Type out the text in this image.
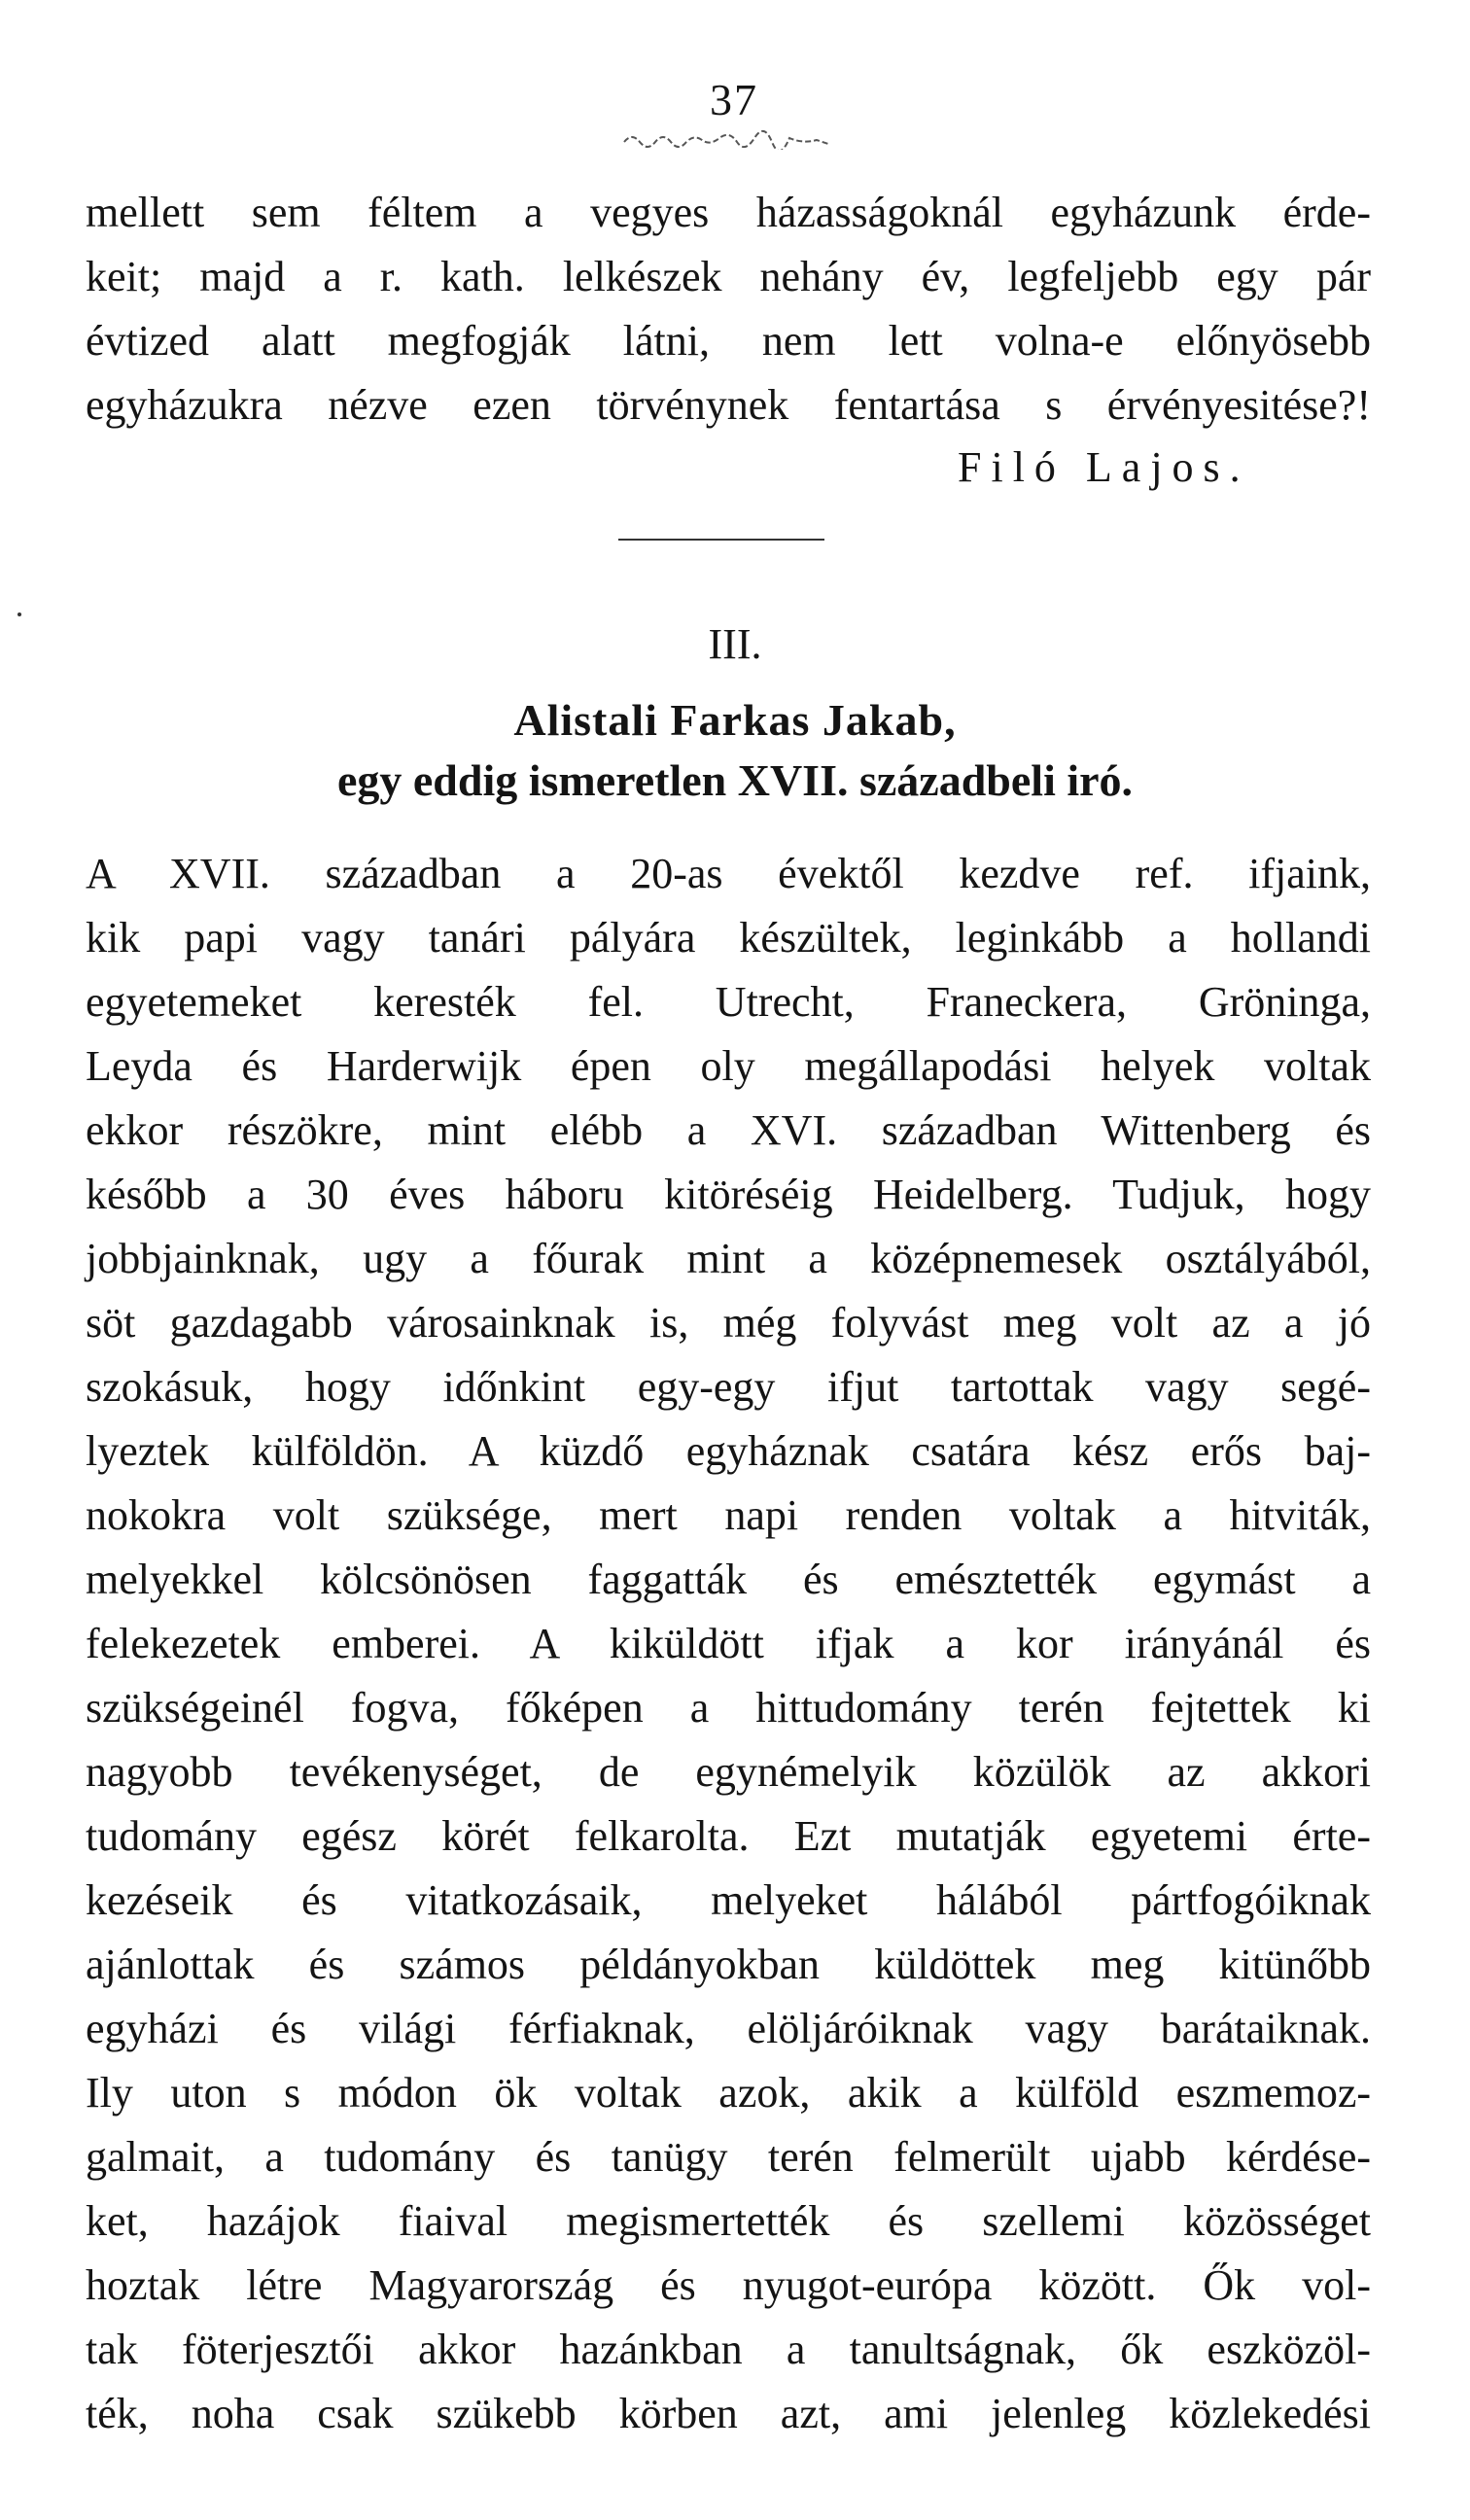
37
mellett sem féltem a vegyes házasságoknál egyházunk érde-
keit; majd a r. kath. lelkészek nehány év, legfeljebb egy pár
évtized alatt megfogják látni, nem lett volna-e előnyösebb
egyházukra nézve ezen törvénynek fentartása s érvényesitése?!
Filó Lajos.
III.
Alistali Farkas Jakab,
egy eddig ismeretlen XVII. századbeli iró.
A XVII. században a 20-as évektől kezdve ref. ifjaink,
kik papi vagy tanári pályára készültek, leginkább a hollandi
egyetemeket keresték fel. Utrecht, Franeckera, Gröninga,
Leyda és Harderwijk épen oly megállapodási helyek voltak
ekkor részökre, mint elébb a XVI. században Wittenberg és
később a 30 éves háboru kitöréséig Heidelberg. Tudjuk, hogy
jobbjainknak, ugy a főurak mint a középnemesek osztályából,
söt gazdagabb városainknak is, még folyvást meg volt az a jó
szokásuk, hogy időnkint egy-egy ifjut tartottak vagy segé-
lyeztek külföldön. A küzdő egyháznak csatára kész erős baj-
nokokra volt szüksége, mert napi renden voltak a hitviták,
melyekkel kölcsönösen faggatták és emésztették egymást a
felekezetek emberei. A kiküldött ifjak a kor irányánál és
szükségeinél fogva, főképen a hittudomány terén fejtettek ki
nagyobb tevékenységet, de egynémelyik közülök az akkori
tudomány egész körét felkarolta. Ezt mutatják egyetemi érte-
kezéseik és vitatkozásaik, melyeket hálából pártfogóiknak
ajánlottak és számos példányokban küldöttek meg kitünőbb
egyházi és világi férfiaknak, elöljáróiknak vagy barátaiknak.
Ily uton s módon ök voltak azok, akik a külföld eszmemoz-
galmait, a tudomány és tanügy terén felmerült ujabb kérdése-
ket, hazájok fiaival megismertették és szellemi közösséget
hoztak létre Magyarország és nyugot-európa között. Ők vol-
tak föterjesztői akkor hazánkban a tanultságnak, ők eszközöl-
ték, noha csak szükebb körben azt, ami jelenleg közlekedési
